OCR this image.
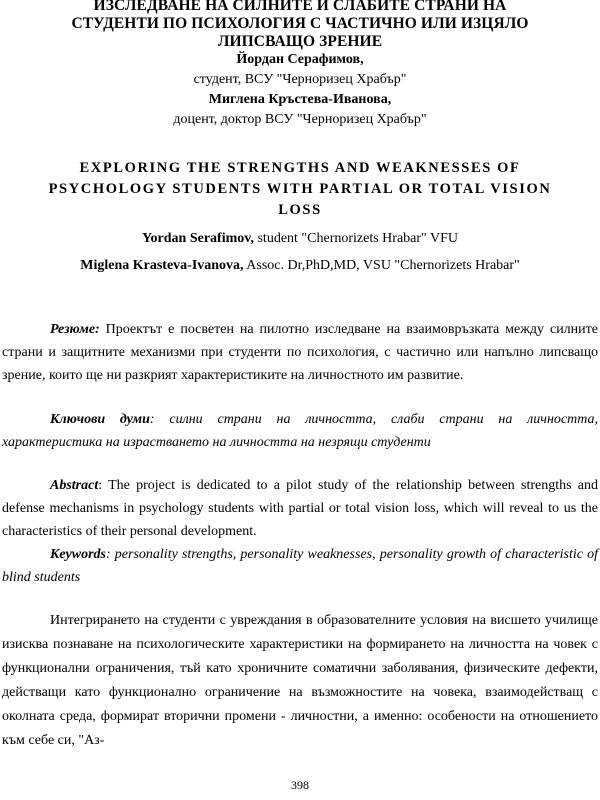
ИЗСЛЕДВАНЕ НА СИЛНИТЕ И СЛАБИТЕ СТРАНИ НА
СТУДЕНТИ ПО ПСИХОЛОГИЯ С ЧАСТИЧНО ИЛИ ИЗЦЯЛО
ЛИПСВАЩО ЗРЕНИЕ
Йордан Серафимов,
студент, ВСУ "Черноризец Храбър"
Миглена Кръстева-Иванова,
доцент, доктор ВСУ "Черноризец Храбър"
EXPLORING THE STRENGTHS AND WEAKNESSES OF
PSYCHOLOGY STUDENTS WITH PARTIAL OR TOTAL VISION
LOSS
Yordan Serafimov, student "Chernorizets Hrabar" VFU
Miglena Krasteva-Ivanova, Assoc. Dr,PhD,MD, VSU "Chernorizets Hrabar"
Резюме: Проектът е посветен на пилотно изследване на взаимовръзката между силните страни и защитните механизми при студенти по психология, с частично или напълно липсващо зрение, които ще ни разкрият характеристиките на личностното им развитие.
Ключови думи: силни страни на личността, слаби страни на личността, характеристика на израстването на личността на незрящи студенти
Abstract: The project is dedicated to a pilot study of the relationship between strengths and defense mechanisms in psychology students with partial or total vision loss, which will reveal to us the characteristics of their personal development.
Keywords: personality strengths, personality weaknesses, personality growth of characteristic of blind students
Интегрирането на студенти с увреждания в образователните условия на висшето училище изисква познаване на психологическите характеристики на формирането на личността на човек с функционални ограничения, тъй като хроничните соматични заболявания, физическите дефекти, действащи като функционално ограничение на възможностите на човека, взаимодействащ с околната среда, формират вторични промени - личностни, а именно: особености на отношението към себе си, "Аз-
398
